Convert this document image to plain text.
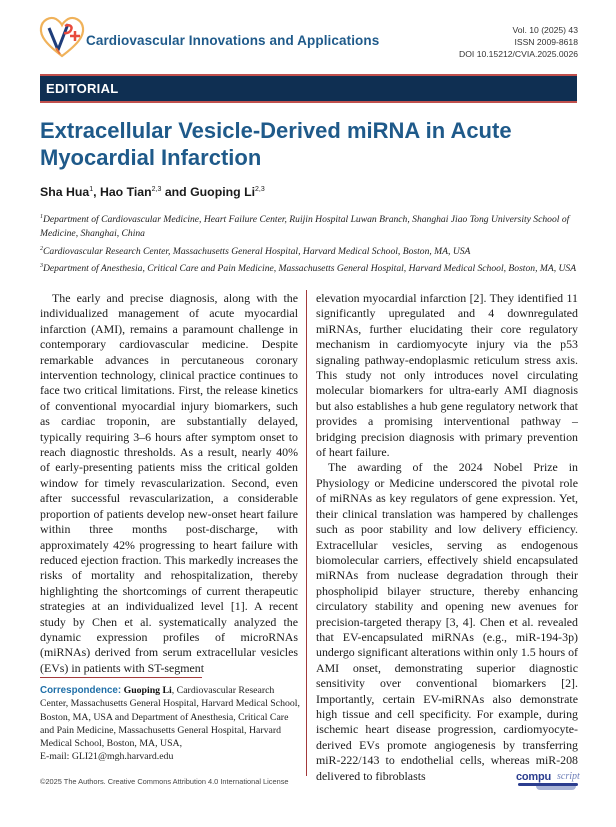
Cardiovascular Innovations and Applications
Vol. 10 (2025) 43
ISSN 2009-8618
DOI 10.15212/CVIA.2025.0026
EDITORIAL
Extracellular Vesicle-Derived miRNA in Acute Myocardial Infarction
Sha Hua$^1$, Hao Tian$^{2,3}$ and Guoping Li$^{2,3}$
$^1$Department of Cardiovascular Medicine, Heart Failure Center, Ruijin Hospital Luwan Branch, Shanghai Jiao Tong University School of Medicine, Shanghai, China
$^2$Cardiovascular Research Center, Massachusetts General Hospital, Harvard Medical School, Boston, MA, USA
$^3$Department of Anesthesia, Critical Care and Pain Medicine, Massachusetts General Hospital, Harvard Medical School, Boston, MA, USA

The early and precise diagnosis, along with the individualized management of acute myocardial infarction (AMI), remains a paramount challenge in contemporary cardiovascular medicine. Despite remarkable advances in percutaneous coronary intervention technology, clinical practice continues to face two critical limitations. First, the release kinetics of conventional myocardial injury biomarkers, such as cardiac troponin, are substantially delayed, typically requiring 3–6 hours after symptom onset to reach diagnostic thresholds. As a result, nearly 40% of early-presenting patients miss the critical golden window for timely revascularization. Second, even after successful revascularization, a considerable proportion of patients develop new-onset heart failure within three months post-discharge, with approximately 42% progressing to heart failure with reduced ejection fraction. This markedly increases the risks of mortality and rehospitalization, thereby highlighting the shortcomings of current therapeutic strategies at an individualized level [1]. A recent study by Chen et al. systematically analyzed the dynamic expression profiles of microRNAs (miRNAs) derived from serum extracellular vesicles (EVs) in patients with ST-segment

elevation myocardial infarction [2]. They identified 11 significantly upregulated and 4 downregulated miRNAs, further elucidating their core regulatory mechanism in cardiomyocyte injury via the p53 signaling pathway-endoplasmic reticulum stress axis. This study not only introduces novel circulating molecular biomarkers for ultra-early AMI diagnosis but also establishes a hub gene regulatory network that provides a promising interventional pathway – bridging precision diagnosis with primary prevention of heart failure.

The awarding of the 2024 Nobel Prize in Physiology or Medicine underscored the pivotal role of miRNAs as key regulators of gene expression. Yet, their clinical translation was hampered by challenges such as poor stability and low delivery efficiency. Extracellular vesicles, serving as endogenous biomolecular carriers, effectively shield encapsulated miRNAs from nuclease degradation through their phospholipid bilayer structure, thereby enhancing circulatory stability and opening new avenues for precision-targeted therapy [3, 4]. Chen et al. revealed that EV-encapsulated miRNAs (e.g., miR-194-3p) undergo significant alterations within only 1.5 hours of AMI onset, demonstrating superior diagnostic sensitivity over conventional biomarkers [2]. Importantly, certain EV-miRNAs also demonstrate high tissue and cell specificity. For example, during ischemic heart disease progression, cardiomyocyte-derived EVs promote angiogenesis by transferring miR-222/143 to endothelial cells, whereas miR-208 delivered to fibroblasts

Correspondence: Guoping Li, Cardiovascular Research Center, Massachusetts General Hospital, Harvard Medical School, Boston, MA, USA and Department of Anesthesia, Critical Care and Pain Medicine, Massachusetts General Hospital, Harvard Medical School, Boston, MA, USA,
E-mail: GLI21@mgh.harvard.edu
©2025 The Authors. Creative Commons Attribution 4.0 International License	compu script
